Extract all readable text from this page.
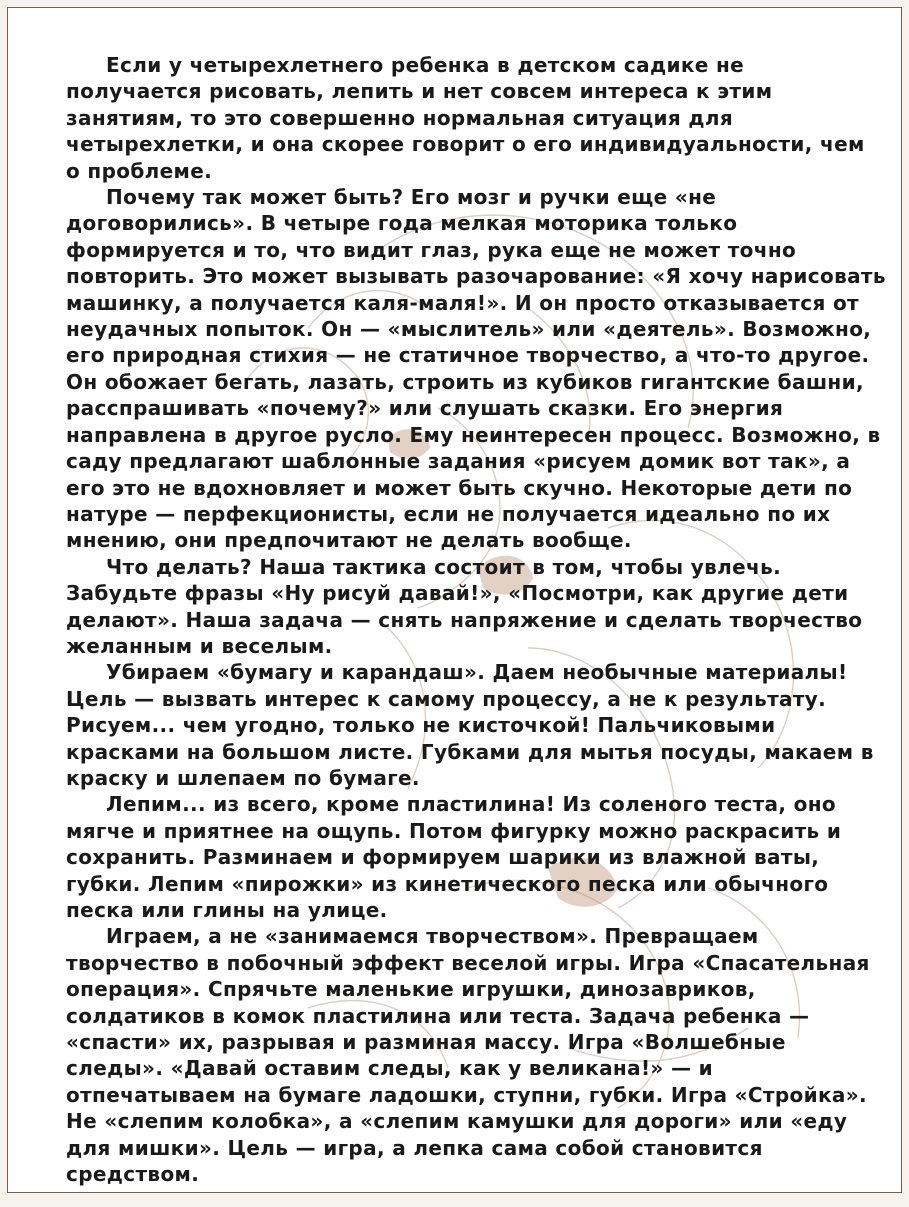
Если у четырехлетнего ребенка в детском садике не получается рисовать, лепить и нет совсем интереса к этим занятиям, то это совершенно нормальная ситуация для четырехлетки, и она скорее говорит о его индивидуальности, чем о проблеме.

Почему так может быть? Его мозг и ручки еще «не договорились». В четыре года мелкая моторика только формируется и то, что видит глаз, рука еще не может точно повторить. Это может вызывать разочарование: «Я хочу нарисовать машинку, а получается каля-маля!». И он просто отказывается от неудачных попыток. Он — «мыслитель» или «деятель». Возможно, его природная стихия — не статичное творчество, а что-то другое. Он обожает бегать, лазать, строить из кубиков гигантские башни, расспрашивать «почему?» или слушать сказки. Его энергия направлена в другое русло. Ему неинтересен процесс. Возможно, в саду предлагают шаблонные задания «рисуем домик вот так», а его это не вдохновляет и может быть скучно. Некоторые дети по натуре — перфекционисты, если не получается идеально по их мнению, они предпочитают не делать вообще.

Что делать? Наша тактика состоит в том, чтобы увлечь. Забудьте фразы «Ну рисуй давай!», «Посмотри, как другие дети делают». Наша задача — снять напряжение и сделать творчество желанным и веселым.

Убираем «бумагу и карандаш». Даем необычные материалы! Цель — вызвать интерес к самому процессу, а не к результату. Рисуем... чем угодно, только не кисточкой! Пальчиковыми красками на большом листе. Губками для мытья посуды, макаем в краску и шлепаем по бумаге.

Лепим... из всего, кроме пластилина! Из соленого теста, оно мягче и приятнее на ощупь. Потом фигурку можно раскрасить и сохранить. Разминаем и формируем шарики из влажной ваты, губки. Лепим «пирожки» из кинетического песка или обычного песка или глины на улице.

Играем, а не «занимаемся творчеством». Превращаем творчество в побочный эффект веселой игры. Игра «Спасательная операция». Спрячьте маленькие игрушки, динозавриков, солдатиков в комок пластилина или теста. Задача ребенка — «спасти» их, разрывая и разминая массу. Игра «Волшебные следы». «Давай оставим следы, как у великана!» — и отпечатываем на бумаге ладошки, ступни, губки. Игра «Стройка». Не «слепим колобка», а «слепим камушки для дороги» или «еду для мишки». Цель — игра, а лепка сама собой становится средством.
